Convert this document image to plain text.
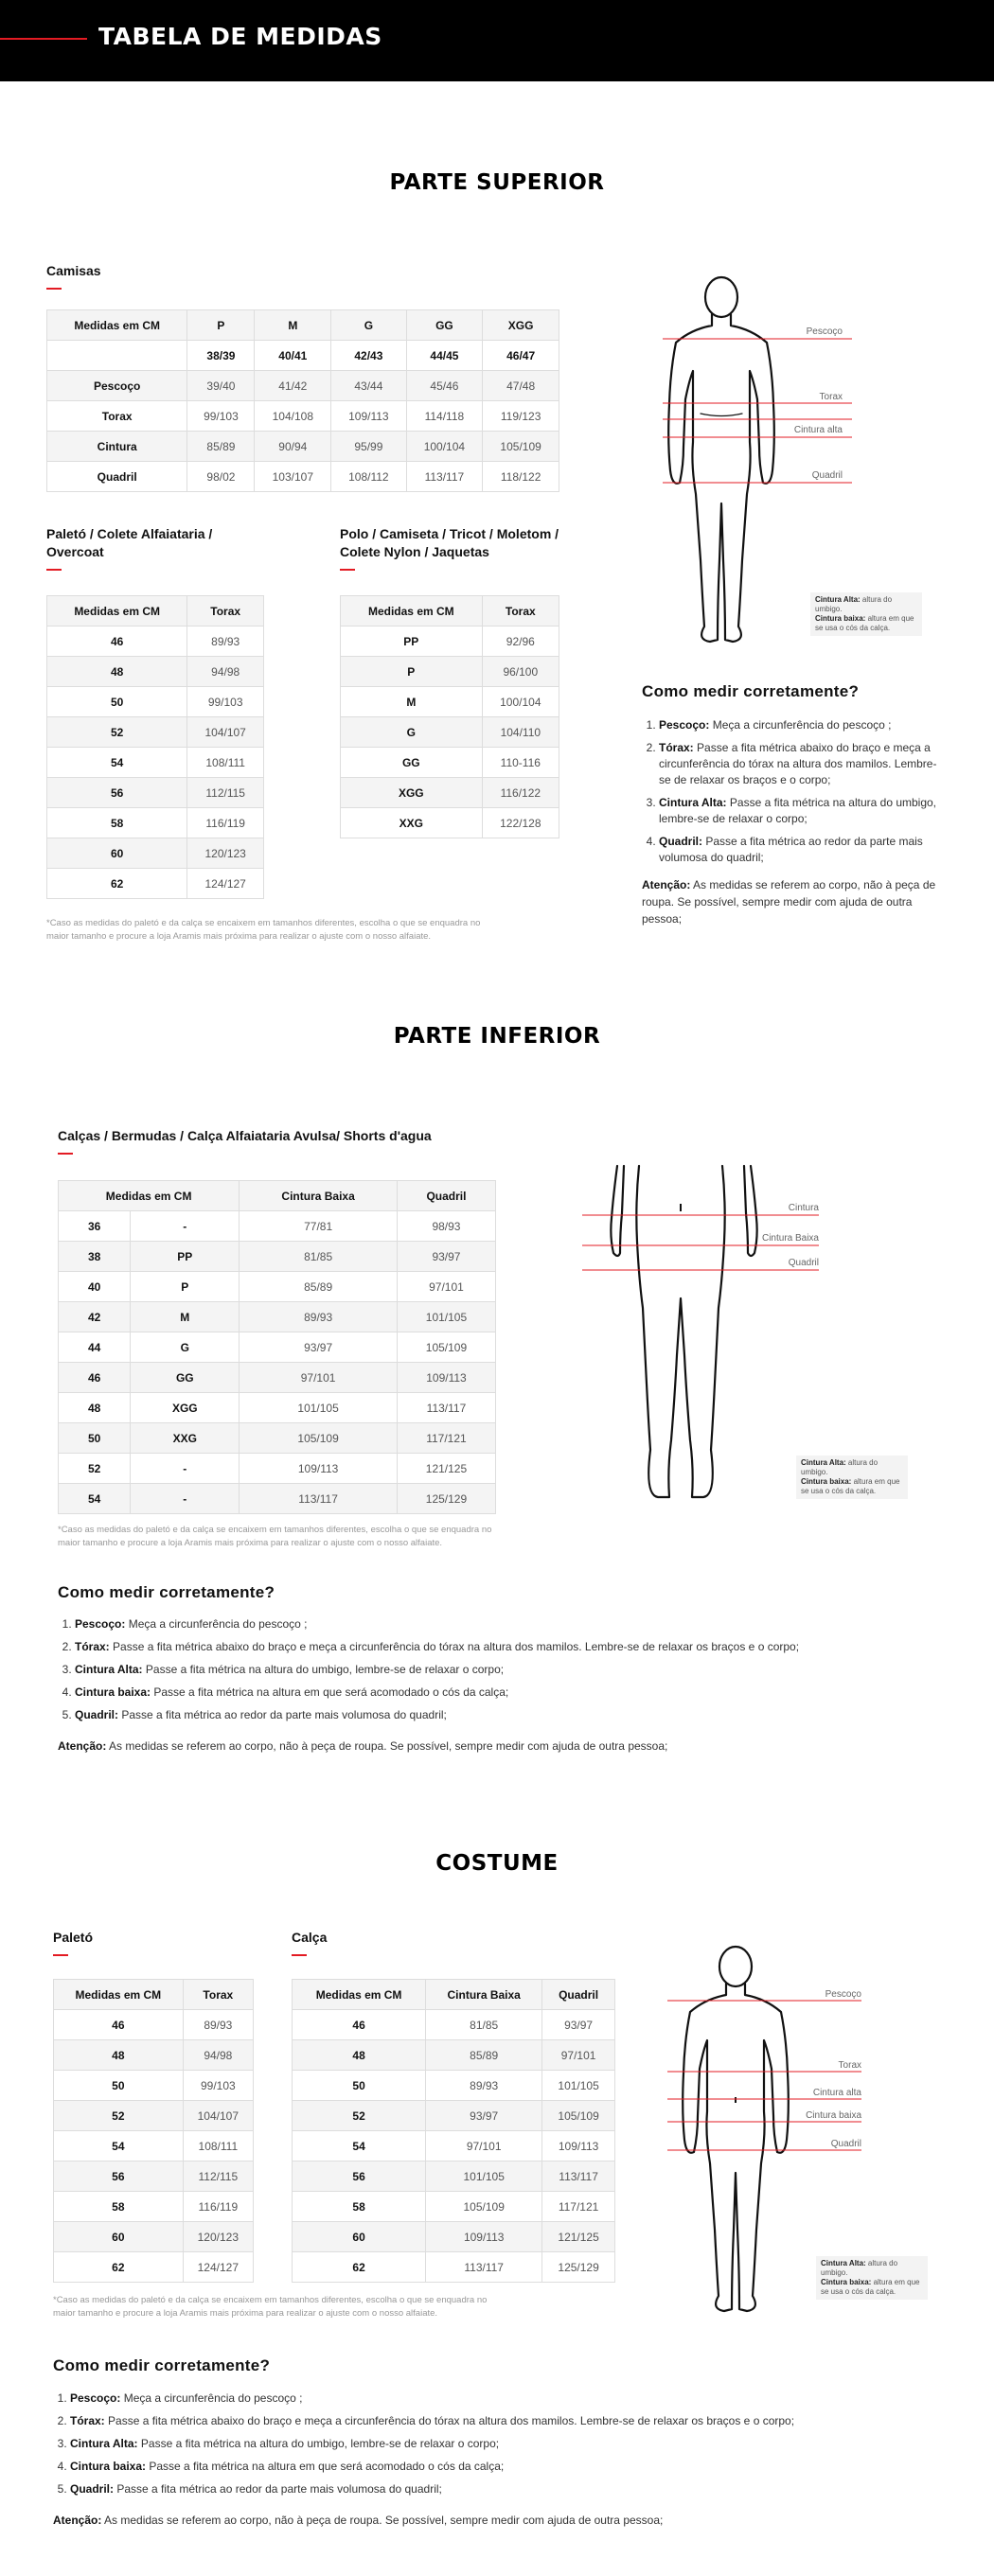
TABELA DE MEDIDAS
PARTE SUPERIOR
Camisas
Medidas em CM	P	M	G	GG	XGG
	38/39	40/41	42/43	44/45	46/47
Pescoço	39/40	41/42	43/44	45/46	47/48
Torax	99/103	104/108	109/113	114/118	119/123
Cintura	85/89	90/94	95/99	100/104	105/109
Quadril	98/02	103/107	108/112	113/117	118/122
Paletó / Colete Alfaiataria / Overcoat
Medidas em CM	Torax
46	89/93
48	94/98
50	99/103
52	104/107
54	108/111
56	112/115
58	116/119
60	120/123
62	124/127
Polo / Camiseta / Tricot / Moletom / Colete Nylon / Jaquetas
Medidas em CM	Torax
PP	92/96
P	96/100
M	100/104
G	104/110
GG	110-116
XGG	116/122
XXG	122/128
*Caso as medidas do paletó e da calça se encaixem em tamanhos diferentes, escolha o que se enquadra no maior tamanho e procure a loja Aramis mais próxima para realizar o ajuste com o nosso alfaiate.
Pescoço
Torax
Cintura alta
Quadril
Cintura Alta: altura do umbigo.
Cintura baixa: altura em que se usa o cós da calça.
Como medir corretamente?
1. Pescoço: Meça a circunferência do pescoço ;
2. Tórax: Passe a fita métrica abaixo do braço e meça a circunferência do tórax na altura dos mamilos. Lembre-se de relaxar os braços e o corpo;
3. Cintura Alta: Passe a fita métrica na altura do umbigo, lembre-se de relaxar o corpo;
4. Quadril: Passe a fita métrica ao redor da parte mais volumosa do quadril;
Atenção: As medidas se referem ao corpo, não à peça de roupa. Se possível, sempre medir com ajuda de outra pessoa;
PARTE INFERIOR
Calças / Bermudas / Calça Alfaiataria Avulsa/ Shorts d'agua
Medidas em CM		Cintura Baixa	Quadril
36	-	77/81	98/93
38	PP	81/85	93/97
40	P	85/89	97/101
42	M	89/93	101/105
44	G	93/97	105/109
46	GG	97/101	109/113
48	XGG	101/105	113/117
50	XXG	105/109	117/121
52	-	109/113	121/125
54	-	113/117	125/129
*Caso as medidas do paletó e da calça se encaixem em tamanhos diferentes, escolha o que se enquadra no maior tamanho e procure a loja Aramis mais próxima para realizar o ajuste com o nosso alfaiate.
Cintura
Cintura Baixa
Quadril
Cintura Alta: altura do umbigo.
Cintura baixa: altura em que se usa o cós da calça.
Como medir corretamente?
1. Pescoço: Meça a circunferência do pescoço ;
2. Tórax: Passe a fita métrica abaixo do braço e meça a circunferência do tórax na altura dos mamilos. Lembre-se de relaxar os braços e o corpo;
3. Cintura Alta: Passe a fita métrica na altura do umbigo, lembre-se de relaxar o corpo;
4. Cintura baixa: Passe a fita métrica na altura em que será acomodado o cós da calça;
5. Quadril: Passe a fita métrica ao redor da parte mais volumosa do quadril;
Atenção: As medidas se referem ao corpo, não à peça de roupa. Se possível, sempre medir com ajuda de outra pessoa;
COSTUME
Paletó
Medidas em CM	Torax
46	89/93
48	94/98
50	99/103
52	104/107
54	108/111
56	112/115
58	116/119
60	120/123
62	124/127
Calça
Medidas em CM	Cintura Baixa	Quadril
46	81/85	93/97
48	85/89	97/101
50	89/93	101/105
52	93/97	105/109
54	97/101	109/113
56	101/105	113/117
58	105/109	117/121
60	109/113	121/125
62	113/117	125/129
*Caso as medidas do paletó e da calça se encaixem em tamanhos diferentes, escolha o que se enquadra no maior tamanho e procure a loja Aramis mais próxima para realizar o ajuste com o nosso alfaiate.
Pescoço
Torax
Cintura alta
Cintura baixa
Quadril
Cintura Alta: altura do umbigo.
Cintura baixa: altura em que se usa o cós da calça.
Como medir corretamente?
1. Pescoço: Meça a circunferência do pescoço ;
2. Tórax: Passe a fita métrica abaixo do braço e meça a circunferência do tórax na altura dos mamilos. Lembre-se de relaxar os braços e o corpo;
3. Cintura Alta: Passe a fita métrica na altura do umbigo, lembre-se de relaxar o corpo;
4. Cintura baixa: Passe a fita métrica na altura em que será acomodado o cós da calça;
5. Quadril: Passe a fita métrica ao redor da parte mais volumosa do quadril;
Atenção: As medidas se referem ao corpo, não à peça de roupa. Se possível, sempre medir com ajuda de outra pessoa;
